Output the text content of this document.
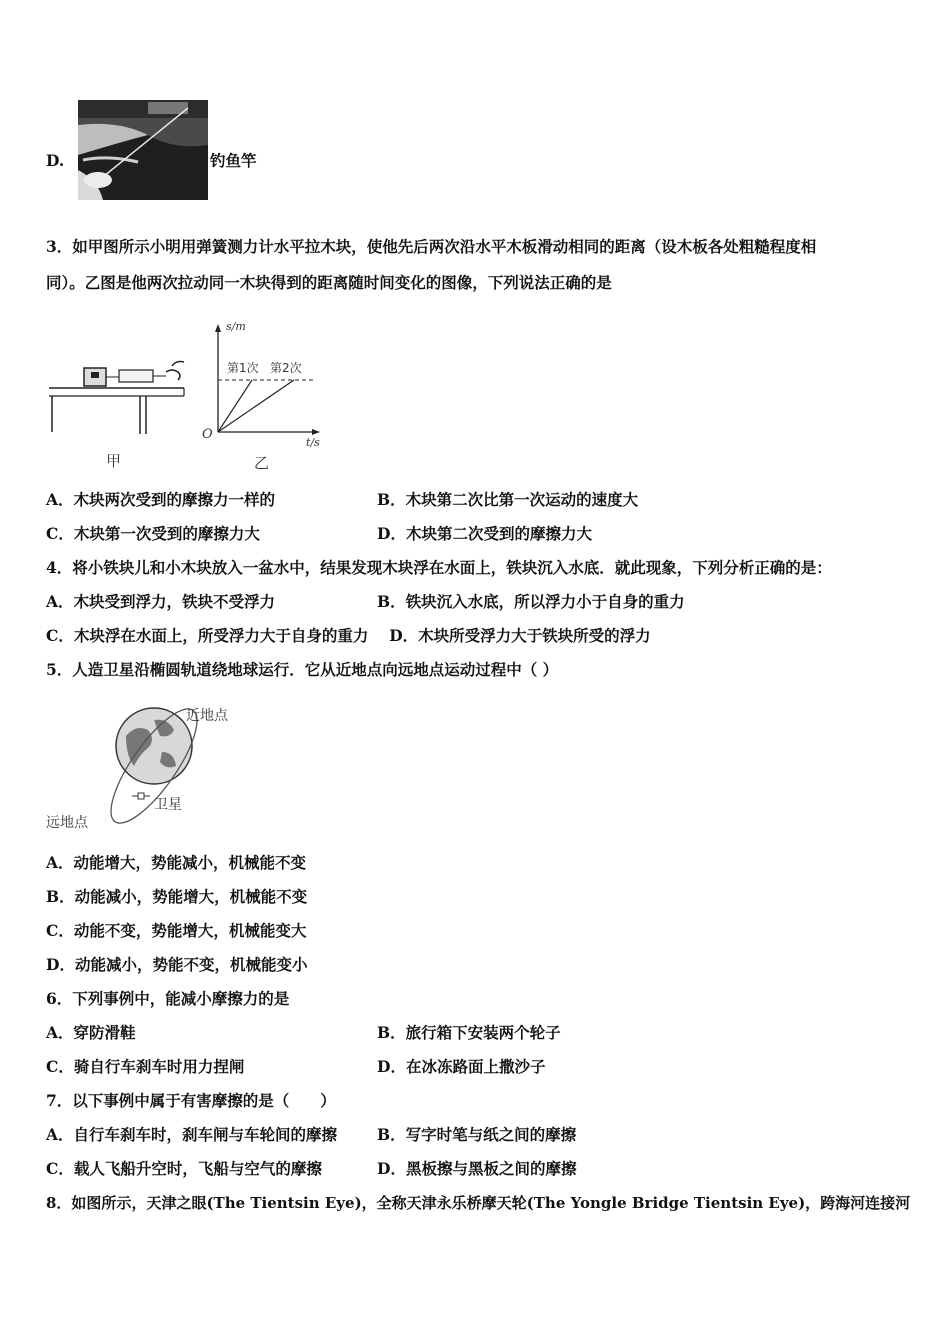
D.	钓鱼竿
3．如甲图所示小明用弹簧测力计水平拉木块，使他先后两次沿水平木板滑动相同的距离（设木板各处粗糙程度相
同）。乙图是他两次拉动同一木块得到的距离随时间变化的图像，下列说法正确的是
甲
s/m
t/s
O
第1次 第2次
乙
A．木块两次受到的摩擦力一样的	B．木块第二次比第一次运动的速度大
C．木块第一次受到的摩擦力大	D．木块第二次受到的摩擦力大
4．将小铁块儿和小木块放入一盆水中，结果发现木块浮在水面上，铁块沉入水底．就此现象，下列分析正确的是：
A．木块受到浮力，铁块不受浮力	B．铁块沉入水底，所以浮力小于自身的重力
C．木块浮在水面上，所受浮力大于自身的重力　 D．木块所受浮力大于铁块所受的浮力
5．人造卫星沿椭圆轨道绕地球运行．它从近地点向远地点运动过程中（ ）
近地点
远地点
卫星
A．动能增大，势能减小，机械能不变
B．动能减小，势能增大，机械能不变
C．动能不变，势能增大，机械能变大
D．动能减小，势能不变，机械能变小
6．下列事例中，能减小摩擦力的是
A．穿防滑鞋	B．旅行箱下安装两个轮子
C．骑自行车刹车时用力捏闸	D．在冰冻路面上撒沙子
7．以下事例中属于有害摩擦的是（　　）
A．自行车刹车时，刹车闸与车轮间的摩擦	B．写字时笔与纸之间的摩擦
C．载人飞船升空时，飞船与空气的摩擦	D．黑板擦与黑板之间的摩擦
8．如图所示，天津之眼(The Tientsin Eye)，全称天津永乐桥摩天轮(The Yongle Bridge Tientsin Eye)，跨海河连接河
